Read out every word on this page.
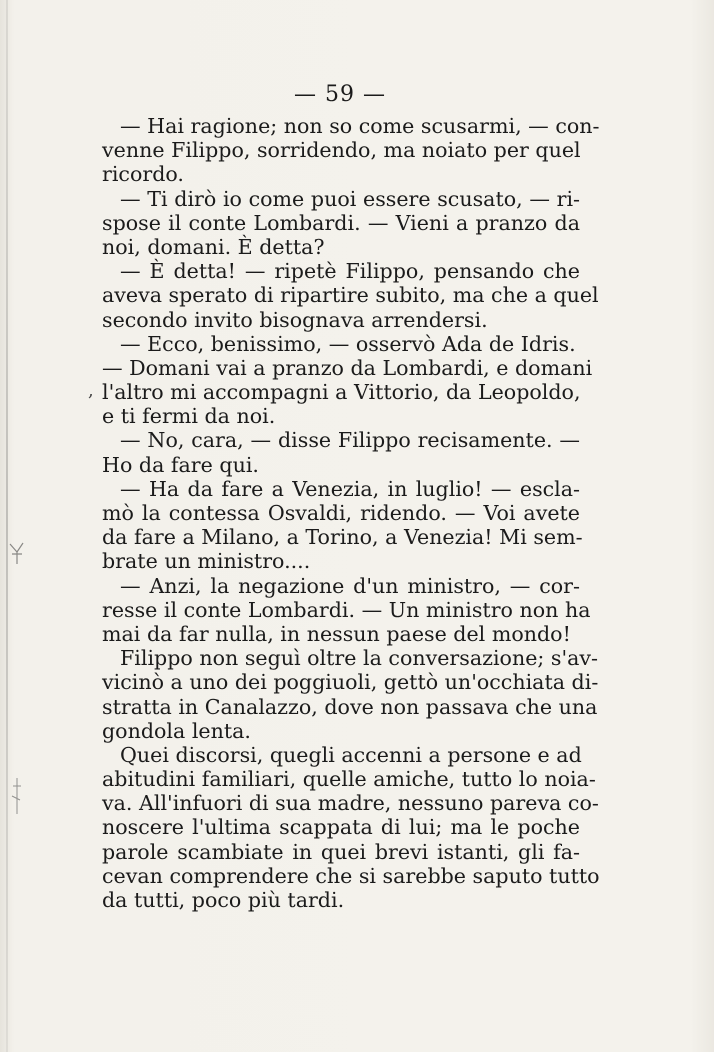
,
— 59 —
— Hai ragione; non so come scusarmi, — con-
venne Filippo, sorridendo, ma noiato per quel
ricordo.
— Ti dirò io come puoi essere scusato, — ri-
spose il conte Lombardi. — Vieni a pranzo da
noi, domani. È detta?
— È detta! — ripetè Filippo, pensando che
aveva sperato di ripartire subito, ma che a quel
secondo invito bisognava arrendersi.
— Ecco, benissimo, — osservò Ada de Idris.
— Domani vai a pranzo da Lombardi, e domani
l'altro mi accompagni a Vittorio, da Leopoldo,
e ti fermi da noi.
— No, cara, — disse Filippo recisamente. —
Ho da fare qui.
— Ha da fare a Venezia, in luglio! — escla-
mò la contessa Osvaldi, ridendo. — Voi avete
da fare a Milano, a Torino, a Venezia! Mi sem-
brate un ministro....
— Anzi, la negazione d'un ministro, — cor-
resse il conte Lombardi. — Un ministro non ha
mai da far nulla, in nessun paese del mondo!
Filippo non seguì oltre la conversazione; s'av-
vicinò a uno dei poggiuoli, gettò un'occhiata di-
stratta in Canalazzo, dove non passava che una
gondola lenta.
Quei discorsi, quegli accenni a persone e ad
abitudini familiari, quelle amiche, tutto lo noia-
va. All'infuori di sua madre, nessuno pareva co-
noscere l'ultima scappata di lui; ma le poche
parole scambiate in quei brevi istanti, gli fa-
cevan comprendere che si sarebbe saputo tutto
da tutti, poco più tardi.
